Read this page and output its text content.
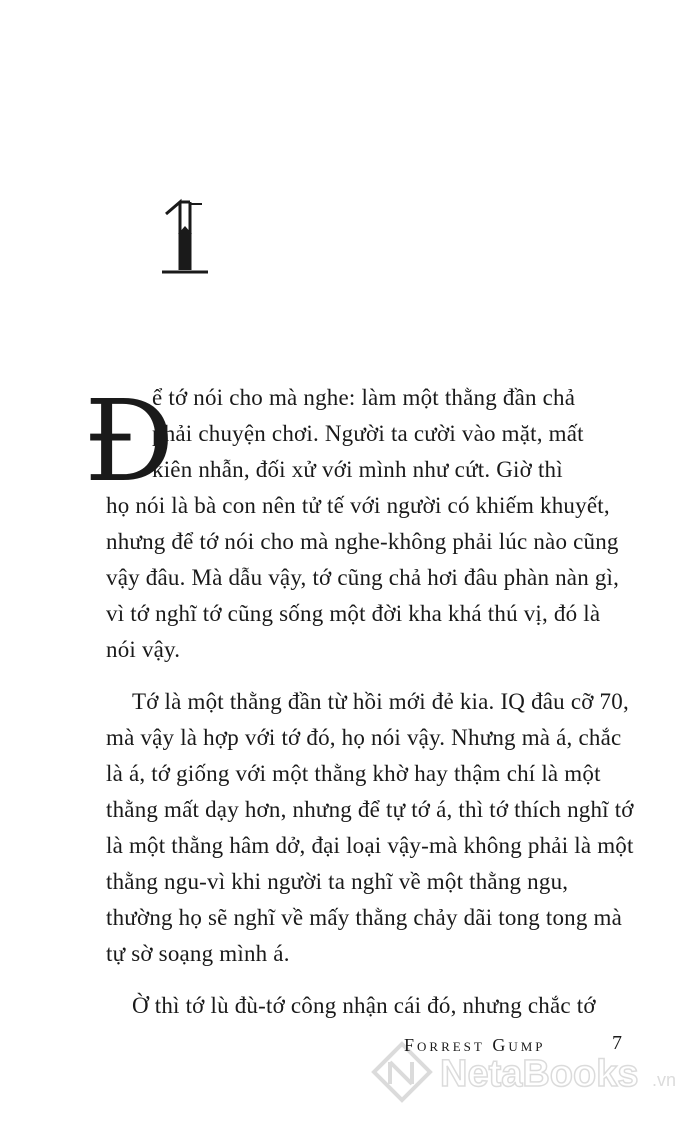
Đ

ể tớ nói cho mà nghe: làm một thằng đần chả
phải chuyện chơi. Người ta cười vào mặt, mất
kiên nhẫn, đối xử với mình như cứt. Giờ thì
họ nói là bà con nên tử tế với người có khiếm khuyết, nhưng để tớ nói cho mà nghe-không phải lúc nào cũng vậy đâu. Mà dẫu vậy, tớ cũng chả hơi đâu phàn nàn gì, vì tớ nghĩ tớ cũng sống một đời kha khá thú vị, đó là nói vậy.

Tớ là một thằng đần từ hồi mới đẻ kia. IQ đâu cỡ 70, mà vậy là hợp với tớ đó, họ nói vậy. Nhưng mà á, chắc là á, tớ giống với một thằng khờ hay thậm chí là một thằng mất dạy hơn, nhưng để tự tớ á, thì tớ thích nghĩ tớ là một thằng hâm dở, đại loại vậy-mà không phải là một thằng ngu-vì khi người ta nghĩ về một thằng ngu, thường họ sẽ nghĩ về mấy thằng chảy dãi tong tong mà tự sờ soạng mình á.

Ờ thì tớ lù đù-tớ công nhận cái đó, nhưng chắc tớ

NetaBooks .vn
Forrest Gump	7
